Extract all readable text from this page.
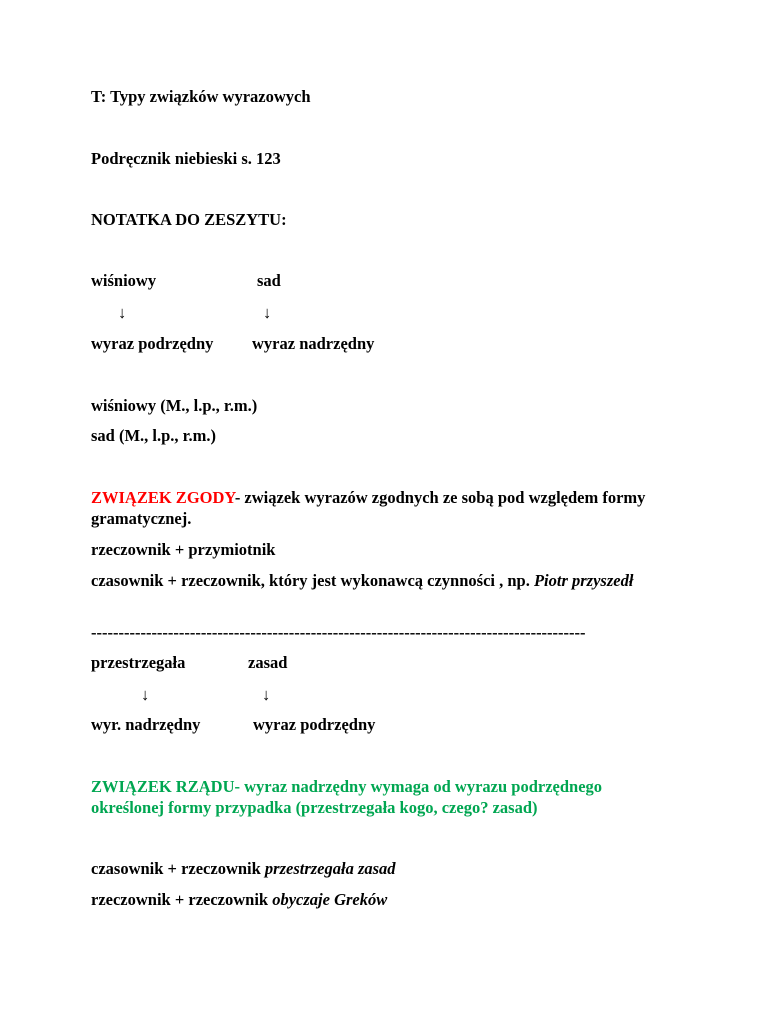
T: Typy związków wyrazowych
Podręcznik niebieski s. 123
NOTATKA DO ZESZYTU:
wiśniowy	sad
↓	↓
wyraz podrzędny wyraz nadrzędny
wiśniowy (M., l.p., r.m.)
sad (M., l.p., r.m.)
ZWIĄZEK ZGODY- związek wyrazów zgodnych ze sobą pod względem formy gramatycznej.
rzeczownik + przymiotnik
czasownik + rzeczownik, który jest wykonawcą czynności , np. Piotr przyszedł
------------------------------------------------------------------------------------------
przestrzegała	zasad
↓	↓
wyr. nadrzędny	wyraz podrzędny
ZWIĄZEK RZĄDU- wyraz nadrzędny wymaga od wyrazu podrzędnego określonej formy przypadka (przestrzegała kogo, czego? zasad)
czasownik + rzeczownik przestrzegała zasad
rzeczownik + rzeczownik obyczaje Greków
